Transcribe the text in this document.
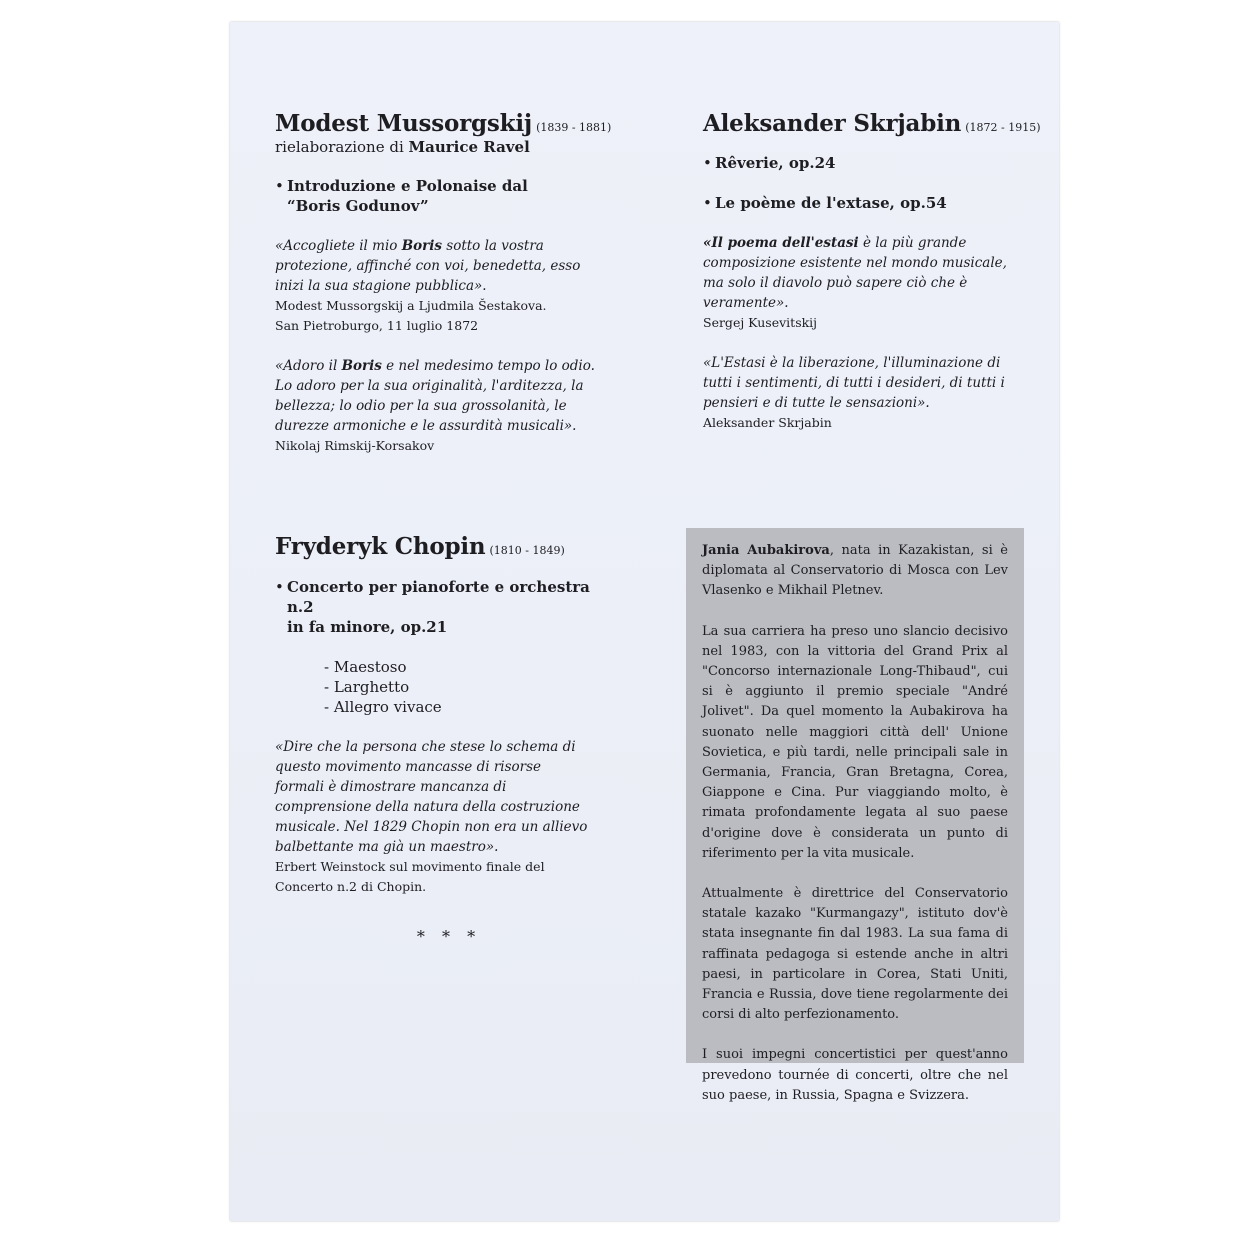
Modest Mussorgskij (1839 - 1881)
rielaborazione di Maurice Ravel
• Introduzione e Polonaise dal
“Boris Godunov”

«Accogliete il mio Boris sotto la vostra protezione, affinché con voi, benedetta, esso inizi la sua stagione pubblica».

Modest Mussorgskij a Ljudmila Šestakova.
San Pietroburgo, 11 luglio 1872

«Adoro il Boris e nel medesimo tempo lo odio. Lo adoro per la sua originalità, l'arditezza, la bellezza; lo odio per la sua grossolanità, le durezze armoniche e le assurdità musicali».

Nikolaj Rimskij-Korsakov

Aleksander Skrjabin (1872 - 1915)
• Rêverie, op.24
• Le poème de l'extase, op.54

«Il poema dell'estasi è la più grande composizione esistente nel mondo musicale, ma solo il diavolo può sapere ciò che è veramente».

Sergej Kusevitskij

«L'Estasi è la liberazione, l'illuminazione di tutti i sentimenti, di tutti i desideri, di tutti i pensieri e di tutte le sensazioni».

Aleksander Skrjabin

Fryderyk Chopin (1810 - 1849)
• Concerto per pianoforte e orchestra n.2
in fa minore, op.21
- Maestoso
- Larghetto
- Allegro vivace

«Dire che la persona che stese lo schema di questo movimento mancasse di risorse formali è dimostrare mancanza di comprensione della natura della costruzione musicale. Nel 1829 Chopin non era un allievo balbettante ma già un maestro».

Erbert Weinstock sul movimento finale del
Concerto n.2 di Chopin.

* * *

Jania Aubakirova, nata in Kazakistan, si è diplomata al Conservatorio di Mosca con Lev Vlasenko e Mikhail Pletnev.

La sua carriera ha preso uno slancio decisivo nel 1983, con la vittoria del Grand Prix al "Concorso internazionale Long-Thibaud", cui si è aggiunto il premio speciale "André Jolivet". Da quel momento la Aubakirova ha suonato nelle maggiori città dell' Unione Sovietica, e più tardi, nelle principali sale in Germania, Francia, Gran Bretagna, Corea, Giappone e Cina. Pur viaggiando molto, è rimata profondamente legata al suo paese d'origine dove è considerata un punto di riferimento per la vita musicale.

Attualmente è direttrice del Conservatorio statale kazako "Kurmangazy", istituto dov'è stata insegnante fin dal 1983. La sua fama di raffinata pedagoga si estende anche in altri paesi, in particolare in Corea, Stati Uniti, Francia e Russia, dove tiene regolarmente dei corsi di alto perfezionamento.

I suoi impegni concertistici per quest'anno prevedono tournée di concerti, oltre che nel suo paese, in Russia, Spagna e Svizzera.
